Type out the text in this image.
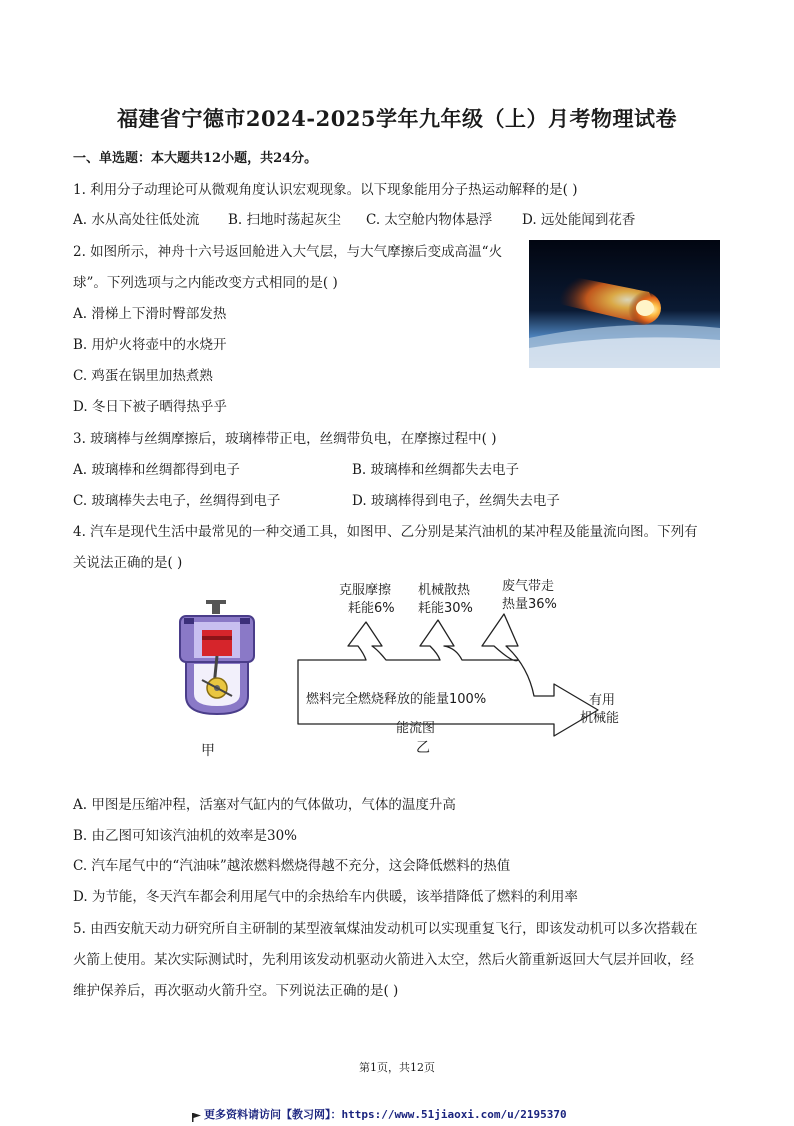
福建省宁德市2024-2025学年九年级（上）月考物理试卷
一、单选题：本大题共12小题，共24分。
1. 利用分子动理论可从微观角度认识宏观现象。以下现象能用分子热运动解释的是( )
A. 水从高处往低处流 B. 扫地时荡起灰尘 C. 太空舱内物体悬浮 D. 远处能闻到花香
2. 如图所示，神舟十六号返回舱进入大气层，与大气摩擦后变成高温“火
球”。下列选项与之内能改变方式相同的是( )
A. 滑梯上下滑时臀部发热
B. 用炉火将壶中的水烧开
C. 鸡蛋在锅里加热煮熟
D. 冬日下被子晒得热乎乎
3. 玻璃棒与丝绸摩擦后，玻璃棒带正电，丝绸带负电，在摩擦过程中( )
A. 玻璃棒和丝绸都得到电子	B. 玻璃棒和丝绸都失去电子
C. 玻璃棒失去电子，丝绸得到电子	D. 玻璃棒得到电子，丝绸失去电子
4. 汽车是现代生活中最常见的一种交通工具，如图甲、乙分别是某汽油机的某冲程及能量流向图。下列有
关说法正确的是( )
甲
克服摩擦
耗能6%
机械散热
耗能30%
废气带走
热量36%
燃料完全燃烧释放的能量100%	有用
机械能
能流图
乙
A. 甲图是压缩冲程，活塞对气缸内的气体做功，气体的温度升高
B. 由乙图可知该汽油机的效率是30%
C. 汽车尾气中的“汽油味”越浓燃料燃烧得越不充分，这会降低燃料的热值
D. 为节能，冬天汽车都会利用尾气中的余热给车内供暖，该举措降低了燃料的利用率
5. 由西安航天动力研究所自主研制的某型液氧煤油发动机可以实现重复飞行，即该发动机可以多次搭载在
火箭上使用。某次实际测试时，先利用该发动机驱动火箭进入太空，然后火箭重新返回大气层并回收，经
维护保养后，再次驱动火箭升空。下列说法正确的是( )
第1页，共12页
更多资料请访问【教习网】：https://www.51jiaoxi.com/u/2195370
